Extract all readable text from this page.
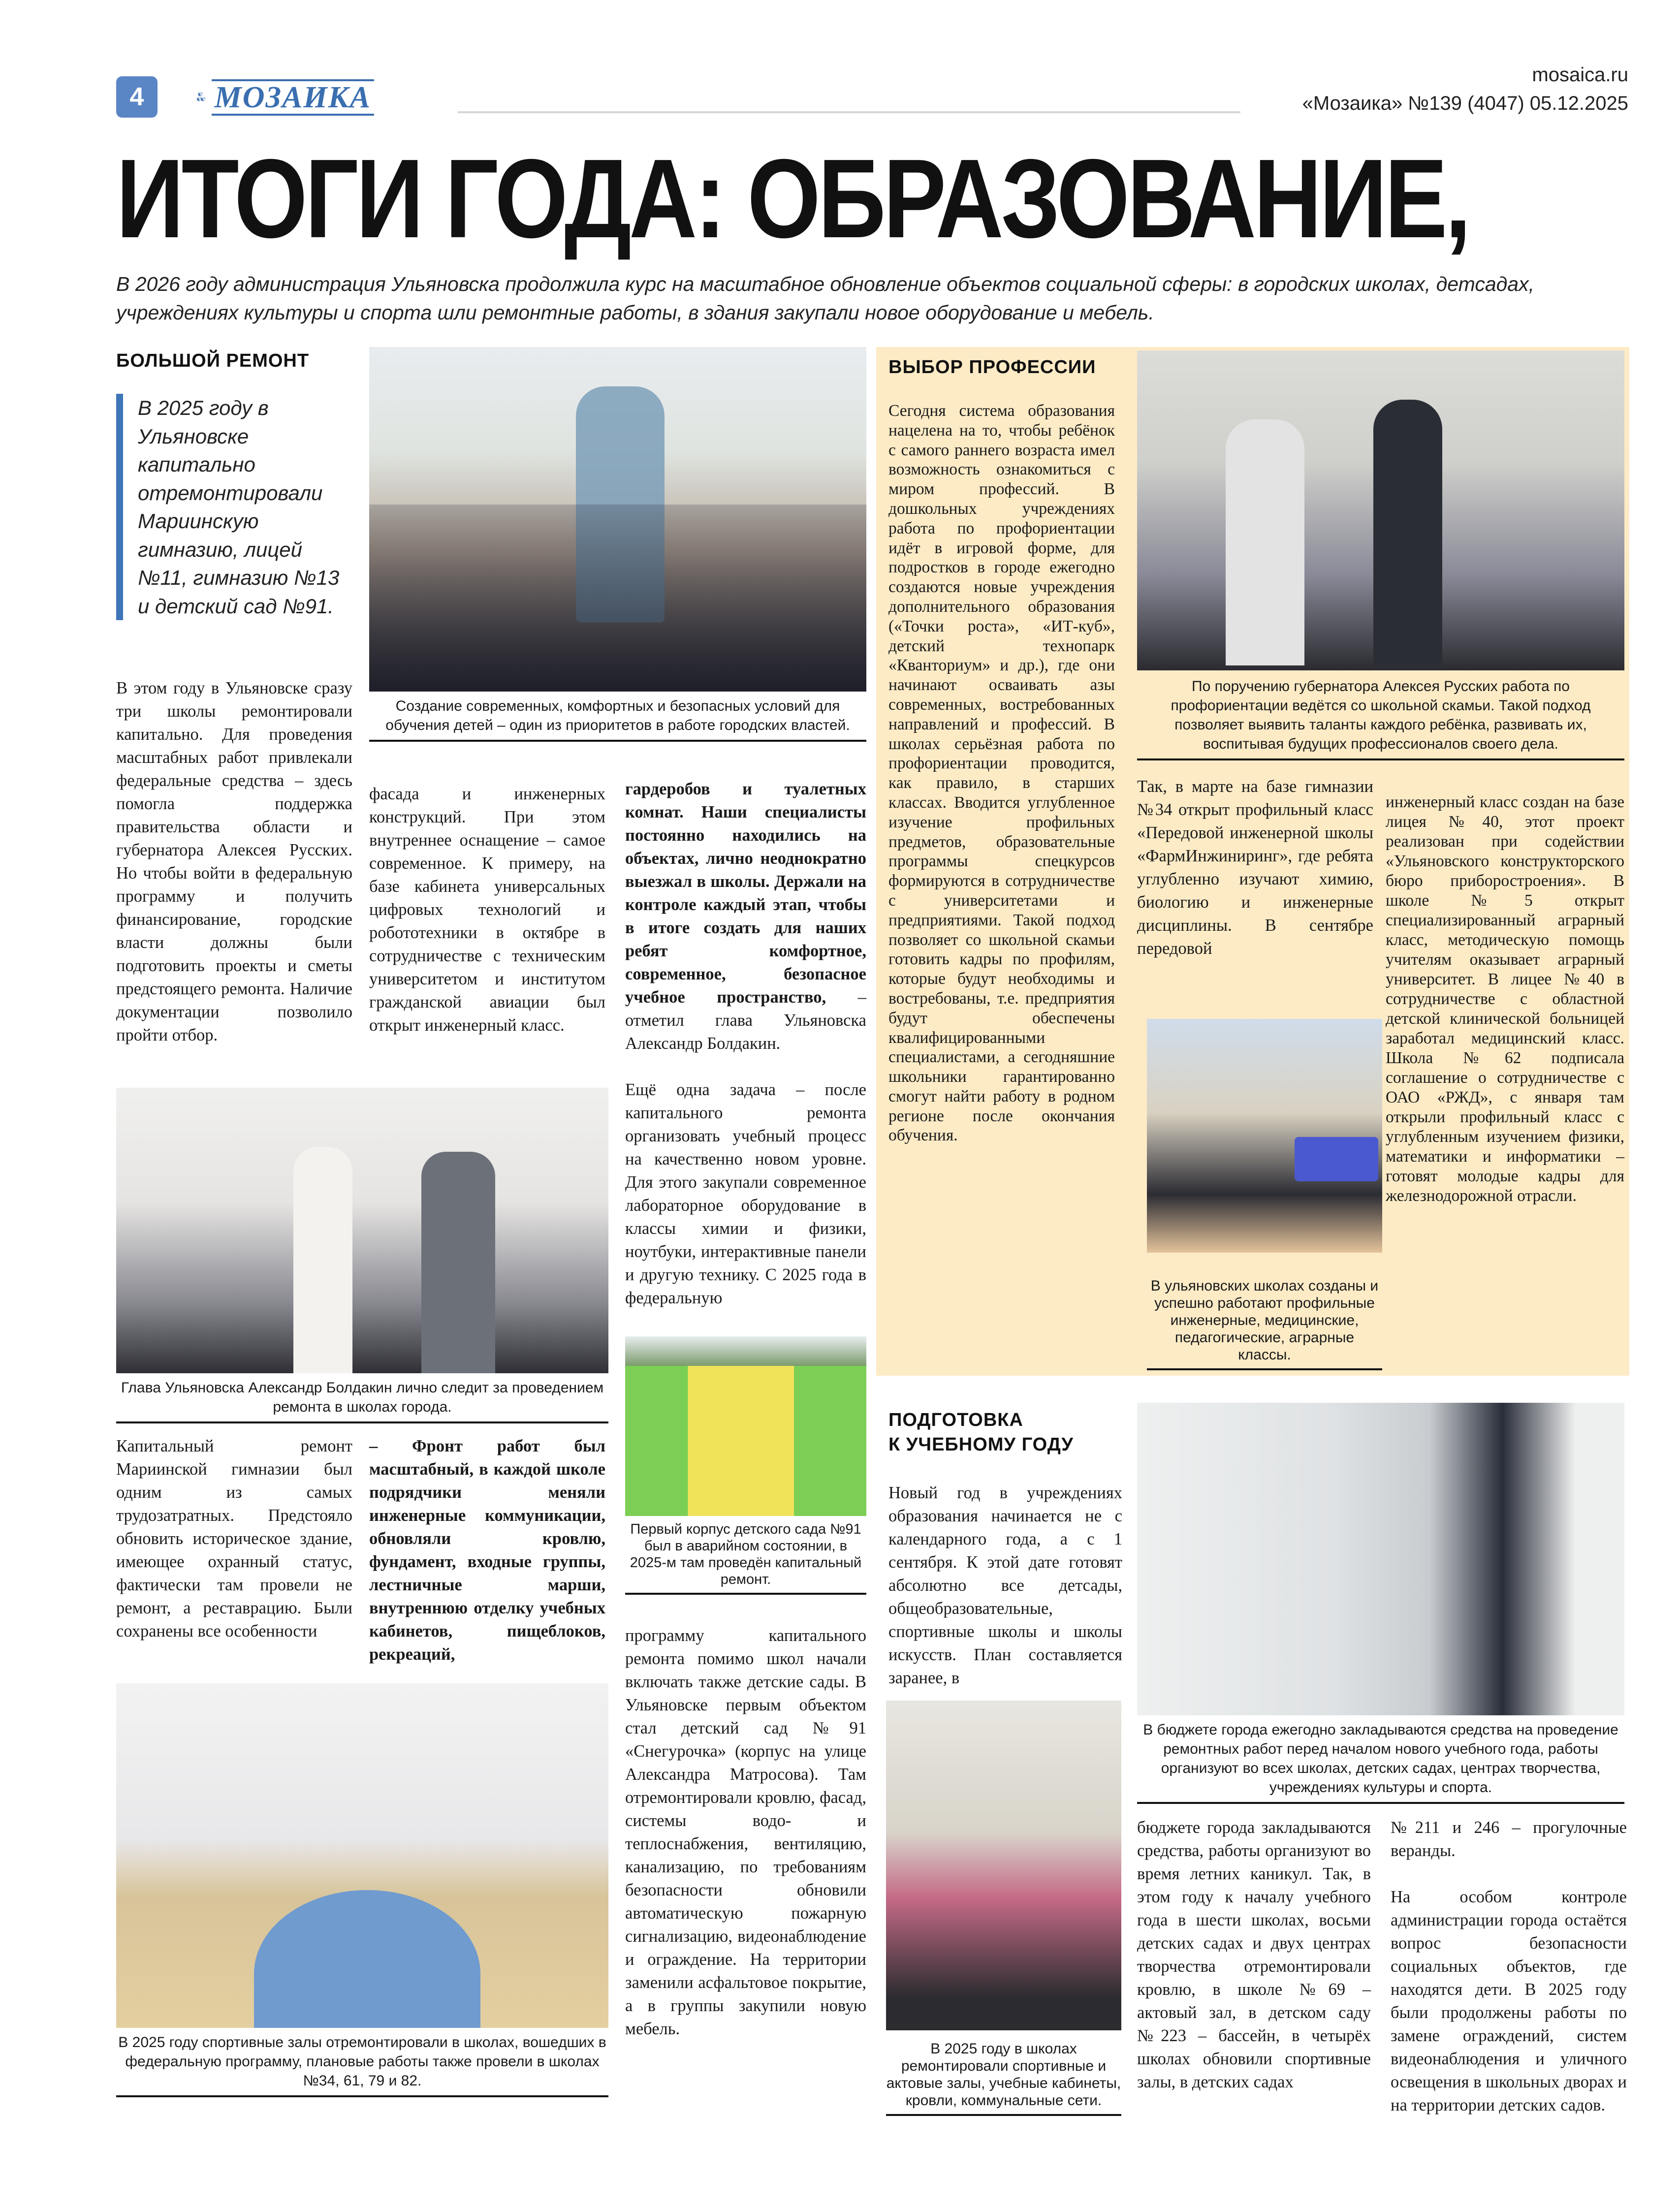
4	МОЗАИКА
mosaica.ru
«Мозаика» №139 (4047) 05.12.2025
ИТОГИ ГОДА: ОБРАЗОВАНИЕ,
В 2026 году администрация Ульяновска продолжила курс на масштабное обновление объектов социальной сферы: в городских школах, детсадах, учреждениях культуры и спорта шли ремонтные работы, в здания закупали новое оборудование и мебель.
БОЛЬШОЙ РЕМОНТ
В 2025 году в Ульяновске капитально отремонтировали Мариинскую гимназию, лицей №11, гимназию №13 и детский сад №91.
В этом году в Ульяновске сразу три школы ремонтировали капитально. Для проведения масштабных работ привлекали федеральные средства – здесь помогла поддержка правительства области и губернатора Алексея Русских. Но чтобы войти в федеральную программу и получить финансирование, городские власти должны были подготовить проекты и сметы предстоящего ремонта. Наличие документации позволило пройти отбор.
Создание современных, комфортных и безопасных условий для обучения детей – один из приоритетов в работе городских властей.
фасада и инженерных конструкций. При этом внутреннее оснащение – самое современное. К примеру, на базе кабинета универсальных цифровых технологий и робототехники в октябре в сотрудничестве с техническим университетом и институтом гражданской авиации был открыт инженерный класс.

гардеробов и туалетных комнат. Наши специалисты постоянно находились на объектах, лично неоднократно выезжал в школы. Держали на контроле каждый этап, чтобы в итоге создать для наших ребят комфортное, современное, безопасное учебное пространство, – отметил глава Ульяновска Александр Болдакин.

Ещё одна задача – после капитального ремонта организовать учебный процесс на качественно новом уровне. Для этого закупали современное лабораторное оборудование в классы химии и физики, ноутбуки, интерактивные панели и другую технику. С 2025 года в федеральную

Глава Ульяновска Александр Болдакин лично следит за проведением ремонта в школах города.
Капитальный ремонт Мариинской гимназии был одним из самых трудозатратных. Предстояло обновить историческое здание, имеющее охранный статус, фактически там провели не ремонт, а реставрацию. Были сохранены все особенности
– Фронт работ был масштабный, в каждой школе подрядчики меняли инженерные коммуникации, обновляли кровлю, фундамент, входные группы, лестничные марши, внутреннюю отделку учебных кабинетов, пищеблоков, рекреаций,
Первый корпус детского сада №91 был в аварийном состоянии, в 2025-м там проведён капитальный ремонт.
программу капитального ремонта помимо школ начали включать также детские сады. В Ульяновске первым объектом стал детский сад №91 «Снегурочка» (корпус на улице Александра Матросова). Там отремонтировали кровлю, фасад, системы водо- и теплоснабжения, вентиляцию, канализацию, по требованиям безопасности обновили автоматическую пожарную сигнализацию, видеонаблюдение и ограждение. На территории заменили асфальтовое покрытие, а в группы закупили новую мебель.
В 2025 году спортивные залы отремонтировали в школах, вошедших в федеральную программу, плановые работы также провели в школах №34, 61, 79 и 82.
ВЫБОР ПРОФЕССИИ
Сегодня система образования нацелена на то, чтобы ребёнок с самого раннего возраста имел возможность ознакомиться с миром профессий. В дошкольных учреждениях работа по профориентации идёт в игровой форме, для подростков в городе ежегодно создаются новые учреждения дополнительного образования («Точки роста», «ИТ-куб», детский технопарк «Кванториум» и др.), где они начинают осваивать азы современных, востребованных направлений и профессий. В школах серьёзная работа по профориентации проводится, как правило, в старших классах. Вводится углубленное изучение профильных предметов, образовательные программы спецкурсов формируются в сотрудничестве с университетами и предприятиями. Такой подход позволяет со школьной скамьи готовить кадры по профилям, которые будут необходимы и востребованы, т.е. предприятия будут обеспечены квалифицированными специалистами, а сегодняшние школьники гарантированно смогут найти работу в родном регионе после окончания обучения.
По поручению губернатора Алексея Русских работа по профориентации ведётся со школьной скамьи. Такой подход позволяет выявить таланты каждого ребёнка, развивать их, воспитывая будущих профессионалов своего дела.
Так, в марте на базе гимназии №34 открыт профильный класс «Передовой инженерной школы «ФармИнжиниринг», где ребята углубленно изучают химию, биологию и инженерные дисциплины. В сентябре передовой
инженерный класс создан на базе лицея №40, этот проект реализован при содействии «Ульяновского конструкторского бюро приборостроения». В школе №5 открыт специализированный аграрный класс, методическую помощь учителям оказывает аграрный университет. В лицее №40 в сотрудничестве с областной детской клинической больницей заработал медицинский класс. Школа №62 подписала соглашение о сотрудничестве с ОАО «РЖД», с января там открыли профильный класс с углубленным изучением физики, математики и информатики – готовят молодые кадры для железнодорожной отрасли.
В ульяновских школах созданы и успешно работают профильные инженерные, медицинские, педагогические, аграрные классы.
ПОДГОТОВКА
К УЧЕБНОМУ ГОДУ
Новый год в учреждениях образования начинается не с календарного года, а с 1 сентября. К этой дате готовят абсолютно все детсады, общеобразовательные, спортивные школы и школы искусств. План составляется заранее, в
В 2025 году в школах ремонтировали спортивные и актовые залы, учебные кабинеты, кровли, коммунальные сети.
В бюджете города ежегодно закладываются средства на проведение ремонтных работ перед началом нового учебного года, работы организуют во всех школах, детских садах, центрах творчества, учреждениях культуры и спорта.
бюджете города закладываются средства, работы организуют во время летних каникул. Так, в этом году к началу учебного года в шести школах, восьми детских садах и двух центрах творчества отремонтировали кровлю, в школе №69 – актовый зал, в детском саду №223 – бассейн, в четырёх школах обновили спортивные залы, в детских садах

№211 и 246 – прогулочные веранды.

На особом контроле администрации города остаётся вопрос безопасности социальных объектов, где находятся дети. В 2025 году были продолжены работы по замене ограждений, систем видеонаблюдения и уличного освещения в школьных дворах и на территории детских садов.
